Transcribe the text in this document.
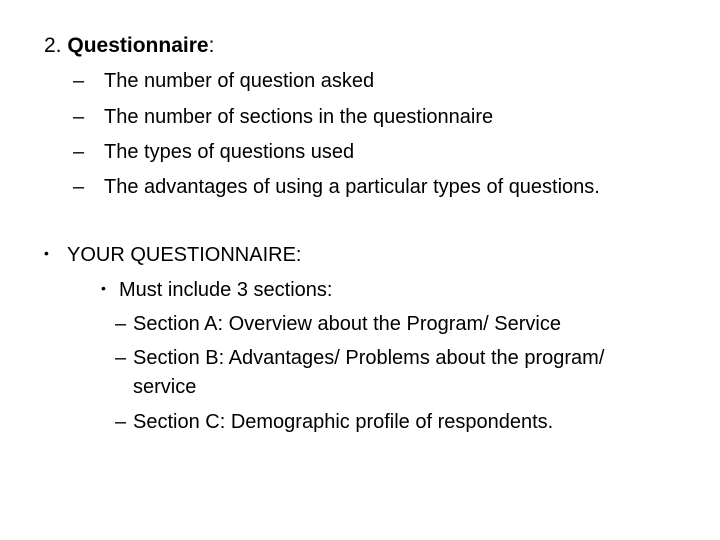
2. Questionnaire:
– The number of question asked
– The number of sections in the questionnaire
– The types of questions used
– The advantages of using a particular types of questions.
• YOUR QUESTIONNAIRE:
• Must include 3 sections:
– Section A: Overview about the Program/ Service
– Section B: Advantages/ Problems about the program/
service
– Section C: Demographic profile of respondents.
